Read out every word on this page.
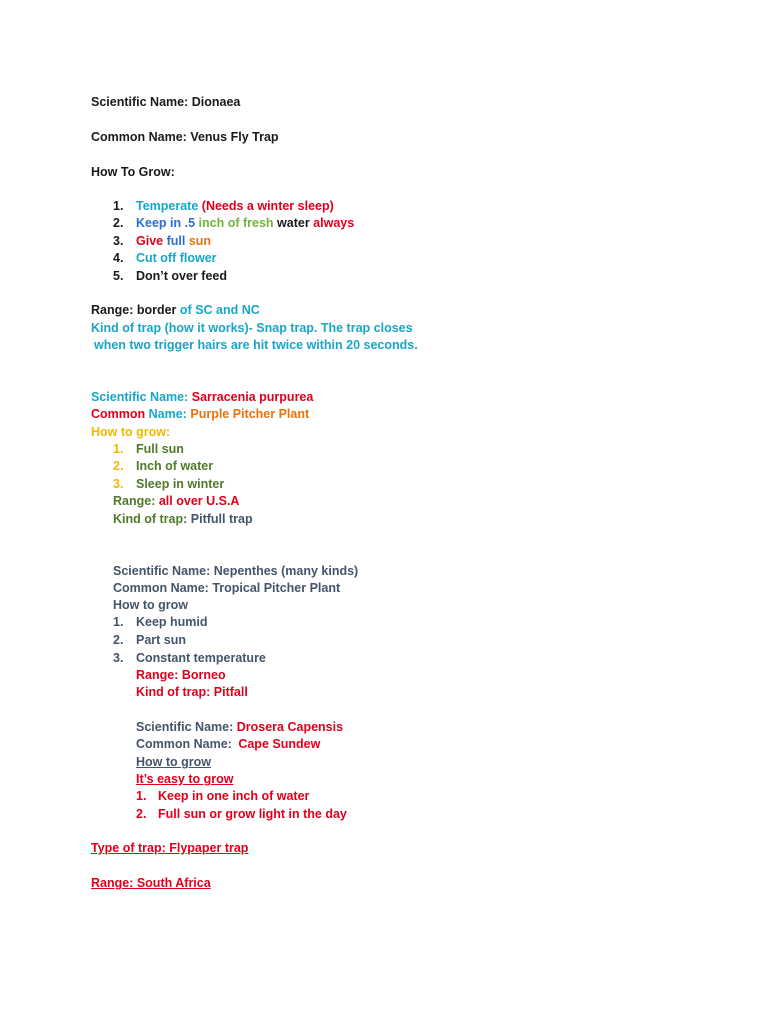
Scientific Name: Dionaea
Common Name: Venus Fly Trap
How To Grow:
1. Temperate (Needs a winter sleep)
2. Keep in .5 inch of fresh water always
3. Give full sun
4. Cut off flower
5. Don’t over feed
Range: border of SC and NC
Kind of trap (how it works)- Snap trap. The trap closes
when two trigger hairs are hit twice within 20 seconds.
Scientific Name: Sarracenia purpurea
Common Name: Purple Pitcher Plant
How to grow:
1. Full sun
2. Inch of water
3. Sleep in winter
Range: all over U.S.A
Kind of trap: Pitfull trap
Scientific Name: Nepenthes (many kinds)
Common Name: Tropical Pitcher Plant
How to grow
1. Keep humid
2. Part sun
3. Constant temperature
Range: Borneo
Kind of trap: Pitfall
Scientific Name: Drosera Capensis
Common Name: Cape Sundew
How to grow
It’s easy to grow
1. Keep in one inch of water
2. Full sun or grow light in the day
Type of trap: Flypaper trap
Range: South Africa
